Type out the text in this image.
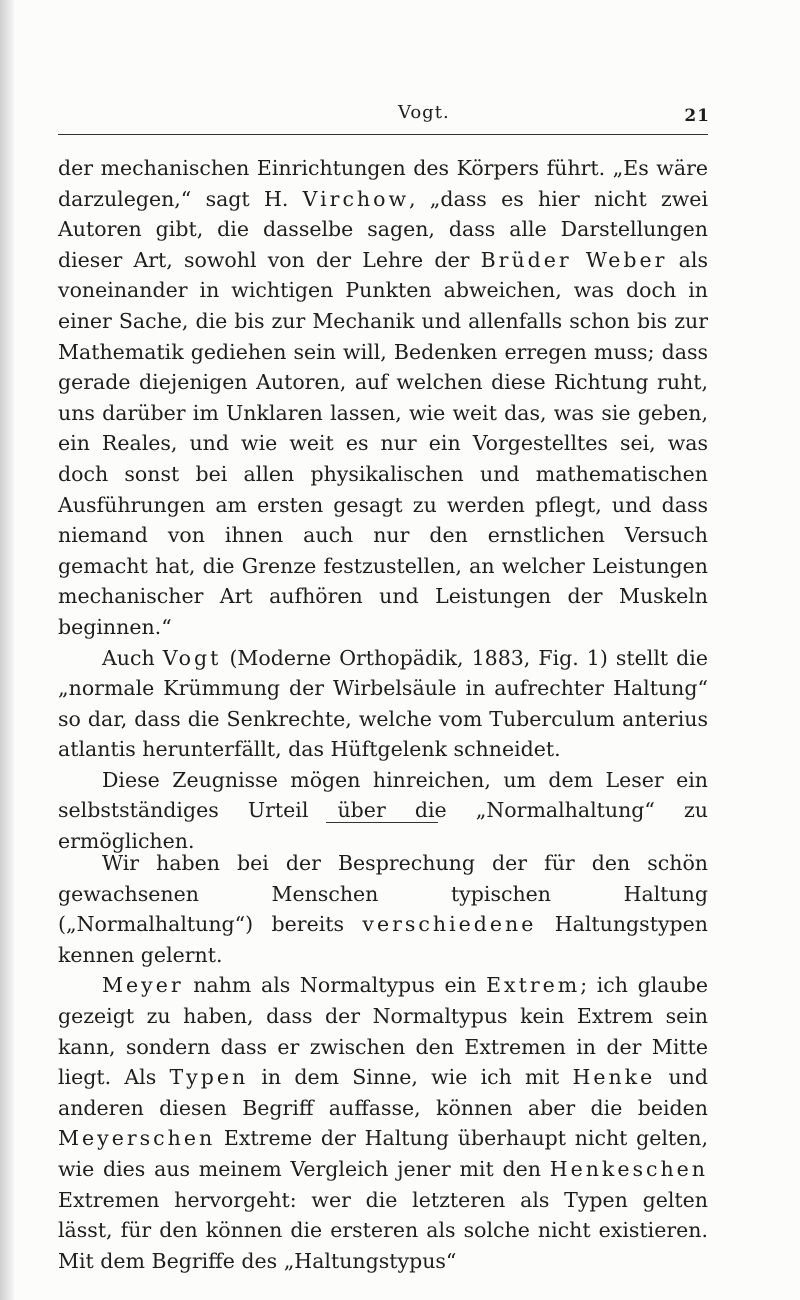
Vogt.	21

der mechanischen Einrichtungen des Körpers führt. „Es wäre darzulegen,“ sagt H. Virchow, „dass es hier nicht zwei Autoren gibt, die dasselbe sagen, dass alle Darstellungen dieser Art, sowohl von der Lehre der Brüder Weber als voneinander in wichtigen Punkten abweichen, was doch in einer Sache, die bis zur Mechanik und allenfalls schon bis zur Mathematik gediehen sein will, Bedenken erregen muss; dass gerade diejenigen Autoren, auf welchen diese Richtung ruht, uns darüber im Unklaren lassen, wie weit das, was sie geben, ein Reales, und wie weit es nur ein Vorgestelltes sei, was doch sonst bei allen physikalischen und mathematischen Ausführungen am ersten gesagt zu werden pflegt, und dass niemand von ihnen auch nur den ernstlichen Versuch gemacht hat, die Grenze festzustellen, an welcher Leistungen mechanischer Art aufhören und Leistungen der Muskeln beginnen.“

Auch Vogt (Moderne Orthopädik, 1883, Fig. 1) stellt die „normale Krümmung der Wirbelsäule in aufrechter Haltung“ so dar, dass die Senkrechte, welche vom Tuberculum anterius atlantis herunterfällt, das Hüftgelenk schneidet.

Diese Zeugnisse mögen hinreichen, um dem Leser ein selbstständiges Urteil über die „Normalhaltung“ zu ermöglichen.

Wir haben bei der Besprechung der für den schön gewachsenen Menschen typischen Haltung („Normalhaltung“) bereits verschiedene Haltungstypen kennen gelernt.

Meyer nahm als Normaltypus ein Extrem; ich glaube gezeigt zu haben, dass der Normaltypus kein Extrem sein kann, sondern dass er zwischen den Extremen in der Mitte liegt. Als Typen in dem Sinne, wie ich mit Henke und anderen diesen Begriff auffasse, können aber die beiden Meyerschen Extreme der Haltung überhaupt nicht gelten, wie dies aus meinem Vergleich jener mit den Henkeschen Extremen hervorgeht: wer die letzteren als Typen gelten lässt, für den können die ersteren als solche nicht existieren. Mit dem Begriffe des „Haltungstypus“
